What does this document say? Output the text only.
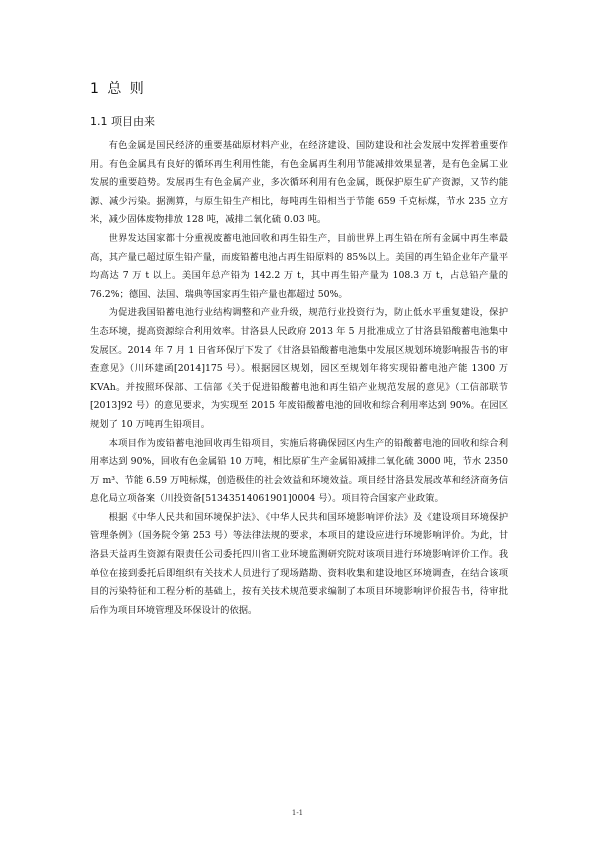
1 总 则
1.1 项目由来

有色金属是国民经济的重要基础原材料产业，在经济建设、国防建设和社会发展中发挥着重要作用。有色金属具有良好的循环再生利用性能，有色金属再生利用节能减排效果显著，是有色金属工业发展的重要趋势。发展再生有色金属产业，多次循环利用有色金属，既保护原生矿产资源，又节约能源、减少污染。据测算，与原生铅生产相比，每吨再生铅相当于节能 659 千克标煤，节水 235 立方米，减少固体废物排放 128 吨，减排二氧化硫 0.03 吨。

世界发达国家都十分重视废蓄电池回收和再生铅生产，目前世界上再生铅在所有金属中再生率最高，其产量已超过原生铅产量，而废铅蓄电池占再生铅原料的 85%以上。美国的再生铅企业年产量平均高达 7 万 t 以上。美国年总产铅为 142.2 万 t，其中再生铅产量为 108.3 万 t，占总铅产量的 76.2%；德国、法国、瑞典等国家再生铅产量也都超过 50%。

为促进我国铅蓄电池行业结构调整和产业升级，规范行业投资行为，防止低水平重复建设，保护生态环境，提高资源综合利用效率。甘洛县人民政府 2013 年 5 月批准成立了甘洛县铅酸蓄电池集中发展区。2014 年 7 月 1 日省环保厅下发了《甘洛县铅酸蓄电池集中发展区规划环境影响报告书的审查意见》（川环建函[2014]175 号）。根据园区规划，园区至规划年将实现铅蓄电池产能 1300 万 KVAh。并按照环保部、工信部《关于促进铅酸蓄电池和再生铅产业规范发展的意见》（工信部联节[2013]92 号）的意见要求，为实现至 2015 年废铅酸蓄电池的回收和综合利用率达到 90%。在园区规划了 10 万吨再生铅项目。

本项目作为废铅蓄电池回收再生铅项目，实施后将确保园区内生产的铅酸蓄电池的回收和综合利用率达到 90%，回收有色金属铅 10 万吨，相比原矿生产金属铅减排二氧化硫 3000 吨，节水 2350 万 m³、节能 6.59 万吨标煤，创造极佳的社会效益和环境效益。项目经甘洛县发展改革和经济商务信息化局立项备案（川投资备[51343514061901]0004 号）。项目符合国家产业政策。

根据《中华人民共和国环境保护法》、《中华人民共和国环境影响评价法》及《建设项目环境保护管理条例》（国务院令第 253 号）等法律法规的要求，本项目的建设应进行环境影响评价。为此，甘洛县天益再生资源有限责任公司委托四川省工业环境监测研究院对该项目进行环境影响评价工作。我单位在接到委托后即组织有关技术人员进行了现场踏勘、资料收集和建设地区环境调查，在结合该项目的污染特征和工程分析的基础上，按有关技术规范要求编制了本项目环境影响评价报告书，待审批后作为项目环境管理及环保设计的依据。

1-1
